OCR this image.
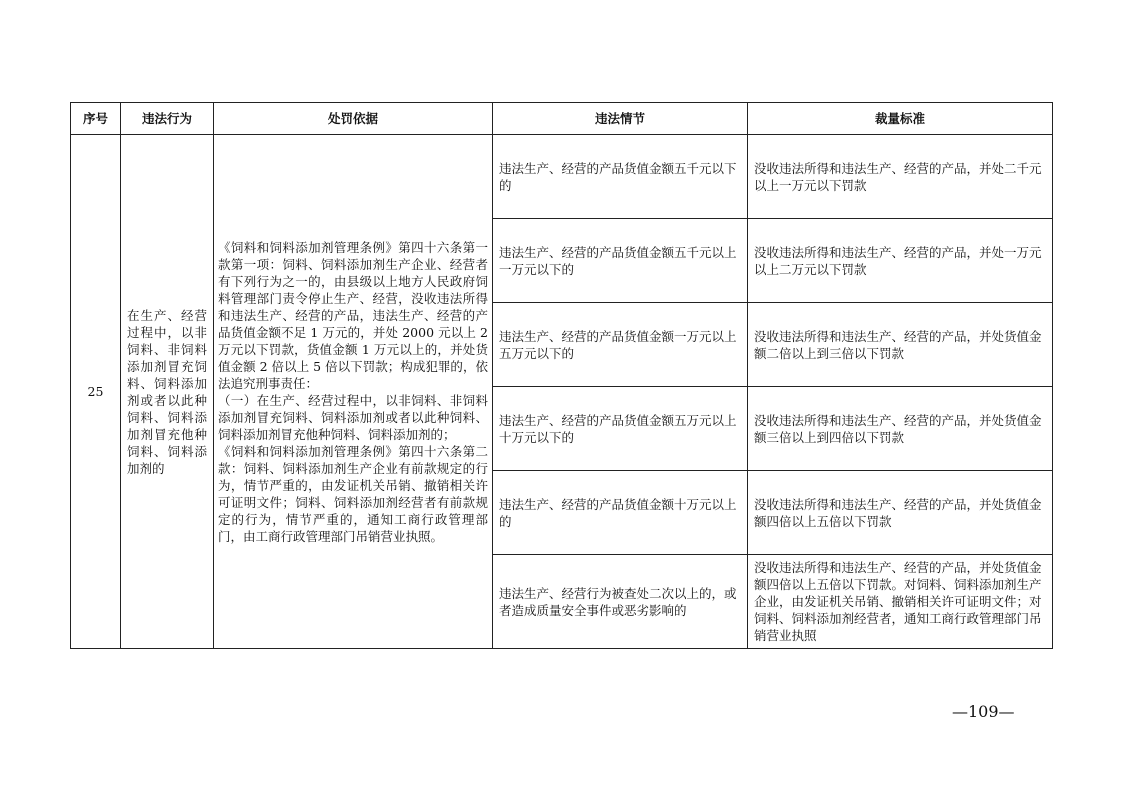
序号	违法行为	处罚依据	违法情节	裁量标准
25	在生产、经营过程中，以非饲料、非饲料添加剂冒充饲料、饲料添加剂或者以此种饲料、饲料添加剂冒充他种饲料、饲料添加剂的	《饲料和饲料添加剂管理条例》第四十六条第一款第一项：饲料、饲料添加剂生产企业、经营者有下列行为之一的，由县级以上地方人民政府饲料管理部门责令停止生产、经营，没收违法所得和违法生产、经营的产品，违法生产、经营的产品货值金额不足 1 万元的，并处 2000 元以上 2 万元以下罚款，货值金额 1 万元以上的，并处货值金额 2 倍以上 5 倍以下罚款；构成犯罪的，依法追究刑事责任：
（一）在生产、经营过程中，以非饲料、非饲料添加剂冒充饲料、饲料添加剂或者以此种饲料、饲料添加剂冒充他种饲料、饲料添加剂的；
《饲料和饲料添加剂管理条例》第四十六条第二款：饲料、饲料添加剂生产企业有前款规定的行为，情节严重的，由发证机关吊销、撤销相关许可证明文件；饲料、饲料添加剂经营者有前款规定的行为，情节严重的，通知工商行政管理部门，由工商行政管理部门吊销营业执照。	违法生产、经营的产品货值金额五千元以下的	没收违法所得和违法生产、经营的产品，并处二千元以上一万元以下罚款
			违法生产、经营的产品货值金额五千元以上一万元以下的	没收违法所得和违法生产、经营的产品，并处一万元以上二万元以下罚款
			违法生产、经营的产品货值金额一万元以上五万元以下的	没收违法所得和违法生产、经营的产品，并处货值金额二倍以上到三倍以下罚款
			违法生产、经营的产品货值金额五万元以上十万元以下的	没收违法所得和违法生产、经营的产品，并处货值金额三倍以上到四倍以下罚款
			违法生产、经营的产品货值金额十万元以上的	没收违法所得和违法生产、经营的产品，并处货值金额四倍以上五倍以下罚款
			违法生产、经营行为被查处二次以上的，或者造成质量安全事件或恶劣影响的	没收违法所得和违法生产、经营的产品，并处货值金额四倍以上五倍以下罚款。对饲料、饲料添加剂生产企业，由发证机关吊销、撤销相关许可证明文件；对饲料、饲料添加剂经营者，通知工商行政管理部门吊销营业执照
—109—
